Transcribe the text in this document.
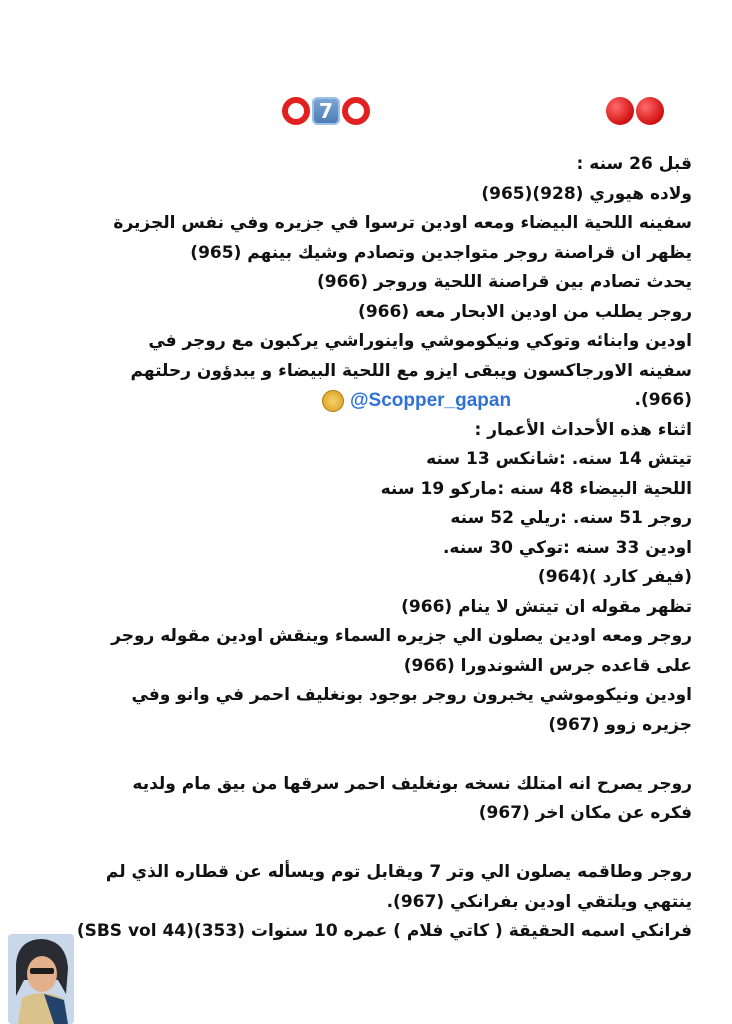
7
قبل 26 سنه :
ولاده هيوري (928)(965)
سفينه اللحية البيضاء ومعه اودين ترسوا في جزيره وفي نفس الجزيرة
يظهر ان قراصنة روجر متواجدين وتصادم وشيك بينهم (965)
يحدث تصادم بين قراصنة اللحية وروجر (966)
روجر يطلب من اودين الابحار معه (966)
اودين وابنائه وتوكي ونيكوموشي واينوراشي يركبون مع روجر في
سفينه الاورجاكسون ويبقى ايزو مع اللحية البيضاء و يبدؤون رحلتهم
(966).
@Scopper_gapan
اثناء هذه الأحداث الأعمار :
تيتش 14 سنه. :شانكس 13 سنه
اللحية البيضاء 48 سنه :ماركو 19 سنه
روجر 51 سنه. :ريلي 52 سنه
اودين 33 سنه :توكي 30 سنه.
(فيفر كارد )(964)
تظهر مقوله ان تيتش لا ينام (966)
روجر ومعه اودين يصلون الي جزيره السماء وينقش اودين مقوله روجر
على قاعده جرس الشوندورا (966)
اودين ونيكوموشي يخبرون روجر بوجود بونغليف احمر في وانو وفي
جزيره زوو (967)
روجر يصرح انه امتلك نسخه بونغليف احمر سرقها من بيق مام ولديه
فكره عن مكان اخر (967)
روجر وطاقمه يصلون الي وتر 7 ويقابل توم ويسأله عن قطاره الذي لم
ينتهي ويلتقي اودين بفرانكي (967).
فرانكي اسمه الحقيقة ( كاتي فلام ) عمره 10 سنوات (353)(SBS vol 44)
